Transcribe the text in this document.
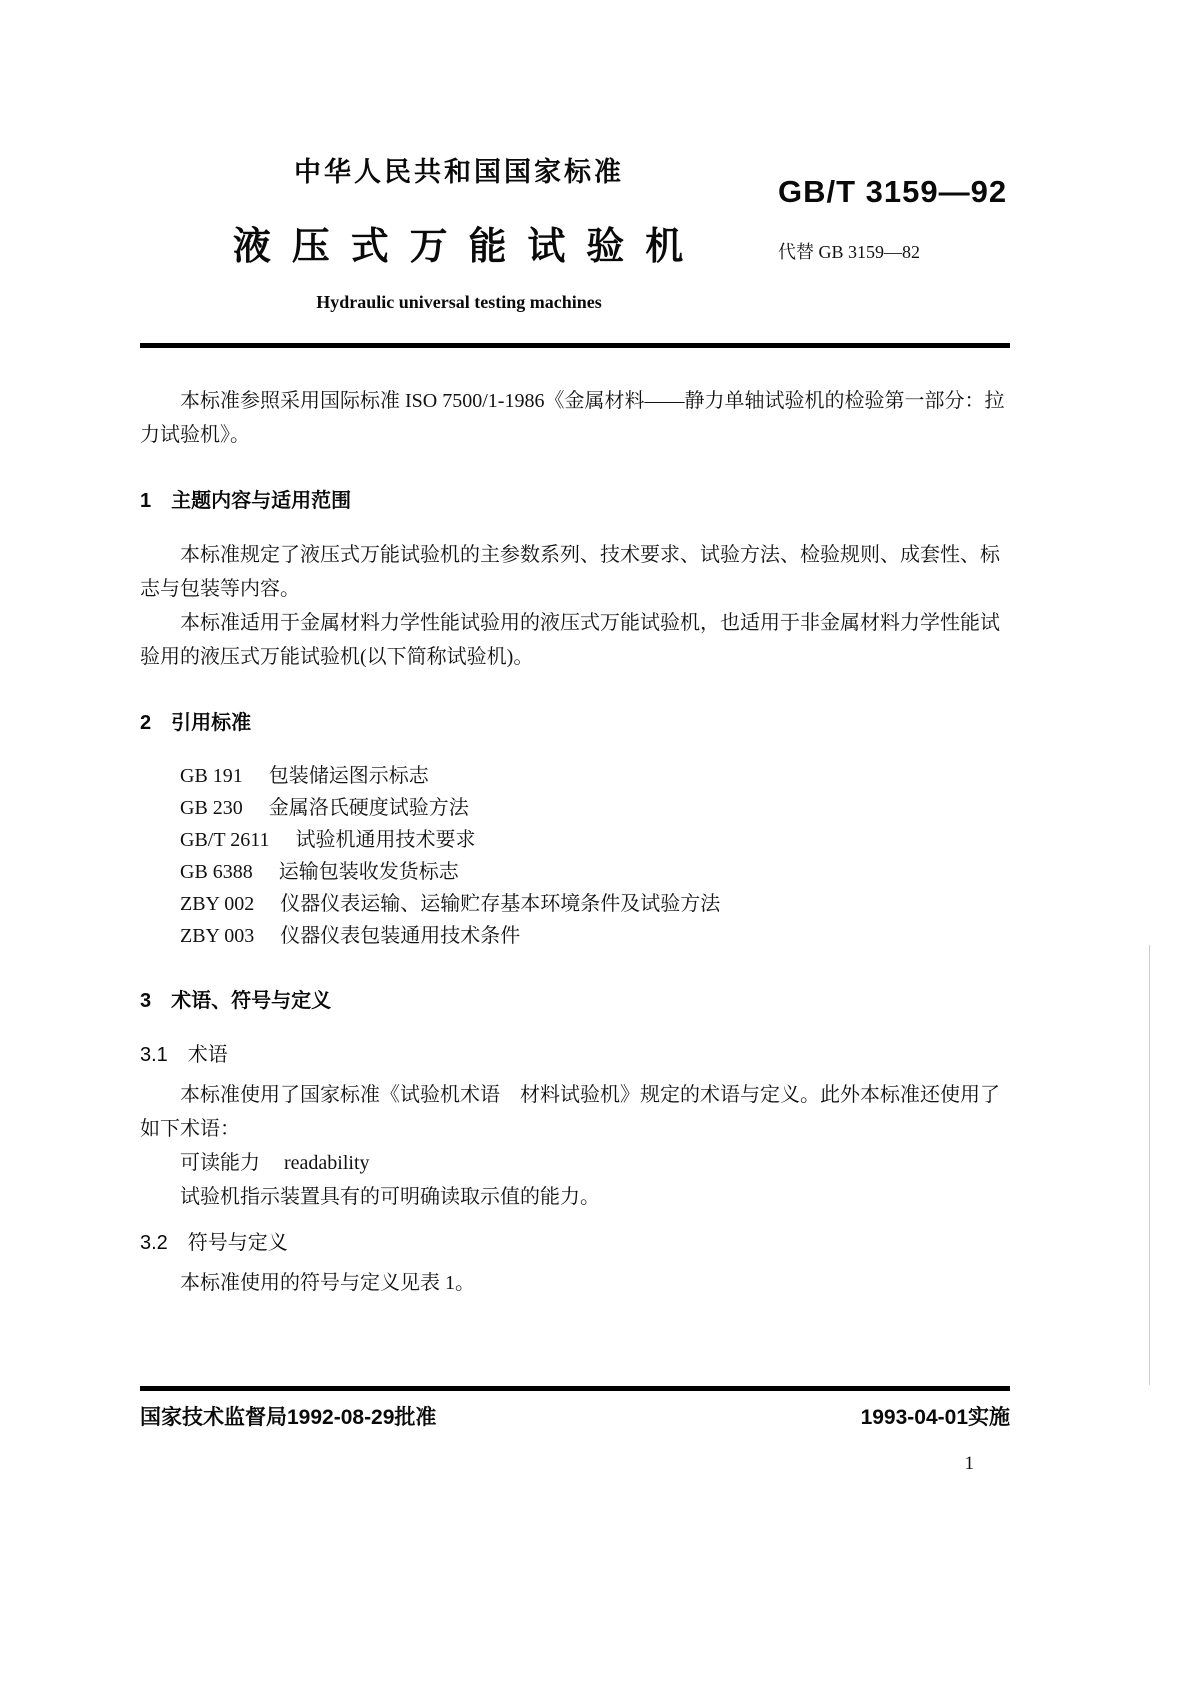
中华人民共和国国家标准
液压式万能试验机
Hydraulic universal testing machines
GB/T 3159—92
代替 GB 3159—82

本标准参照采用国际标准 ISO 7500/1-1986《金属材料——静力单轴试验机的检验第一部分：拉力试验机》。

1　主题内容与适用范围

本标准规定了液压式万能试验机的主参数系列、技术要求、试验方法、检验规则、成套性、标志与包装等内容。

本标准适用于金属材料力学性能试验用的液压式万能试验机，也适用于非金属材料力学性能试验用的液压式万能试验机(以下简称试验机)。

2　引用标准
GB 191 包装储运图示标志
GB 230 金属洛氏硬度试验方法
GB/T 2611 试验机通用技术要求
GB 6388 运输包装收发货标志
ZBY 002 仪器仪表运输、运输贮存基本环境条件及试验方法
ZBY 003 仪器仪表包装通用技术条件
3　术语、符号与定义
3.1　术语

本标准使用了国家标准《试验机术语　材料试验机》规定的术语与定义。此外本标准还使用了如下术语：

可读能力 readability

试验机指示装置具有的可明确读取示值的能力。

3.2　符号与定义

本标准使用的符号与定义见表 1。

国家技术监督局1992-08-29批准	1993-04-01实施
1
